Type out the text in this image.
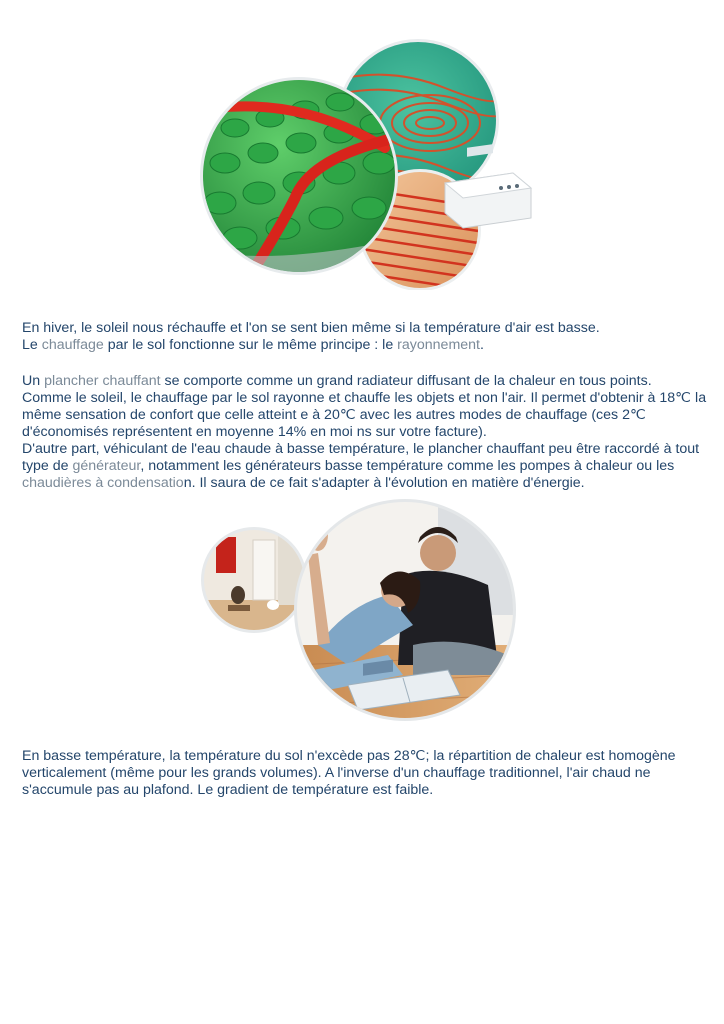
En hiver, le soleil nous réchauffe et l'on se sent bien même si la température d'air est basse.

Le chauffage par le sol fonctionne sur le même principe : le rayonnement.

Un plancher chauffant se comporte comme un grand radiateur diffusant de la chaleur en tous points.

Comme le soleil, le chauffage par le sol rayonne et chauffe les objets et non l'air. Il permet d'obtenir à 18℃ la même sensation de confort que celle atteint e à 20℃ avec les autres modes de chauffage (ces 2℃ d'économisés représentent en moyenne 14% en moi ns sur votre facture).

D'autre part, véhiculant de l'eau chaude à basse température, le plancher chauffant peu être raccordé à tout type de générateur, notamment les générateurs basse température comme les pompes à chaleur ou les chaudières à condensation. Il saura de ce fait s'adapter à l'évolution en matière d'énergie.

En basse température, la température du sol n'excède pas 28℃; la répartition de chaleur est homogène verticalement (même pour les grands volumes). A l'inverse d'un chauffage traditionnel, l'air chaud ne s'accumule pas au plafond. Le gradient de température est faible.
